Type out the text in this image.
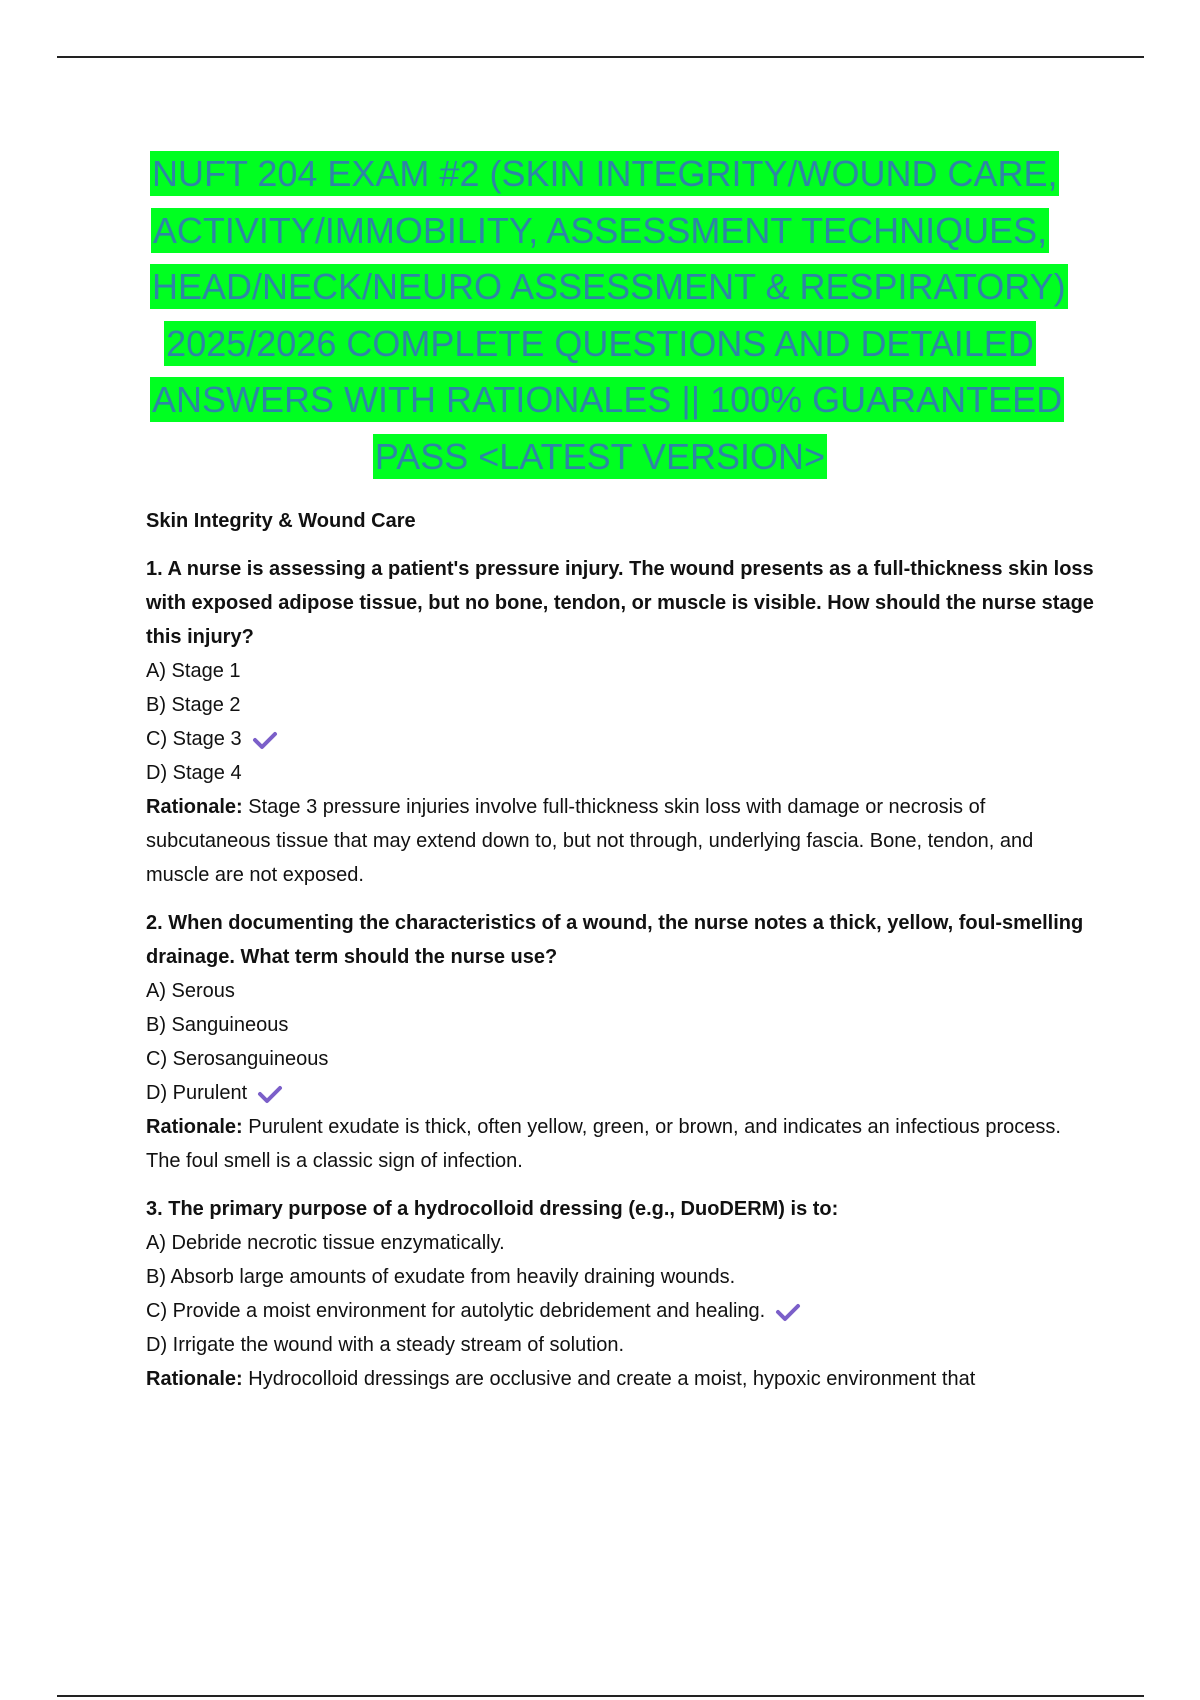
NUFT 204 EXAM #2 (SKIN INTEGRITY/WOUND CARE,
ACTIVITY/IMMOBILITY, ASSESSMENT TECHNIQUES,
HEAD/NECK/NEURO ASSESSMENT & RESPIRATORY)
2025/2026 COMPLETE QUESTIONS AND DETAILED
ANSWERS WITH RATIONALES || 100% GUARANTEED
PASS <LATEST VERSION>
Skin Integrity & Wound Care
1. A nurse is assessing a patient's pressure injury. The wound presents as a full-thickness skin loss with exposed adipose tissue, but no bone, tendon, or muscle is visible. How should the nurse stage this injury?
A) Stage 1
B) Stage 2
C) Stage 3
D) Stage 4
Rationale: Stage 3 pressure injuries involve full-thickness skin loss with damage or necrosis of subcutaneous tissue that may extend down to, but not through, underlying fascia. Bone, tendon, and muscle are not exposed.
2. When documenting the characteristics of a wound, the nurse notes a thick, yellow, foul-smelling drainage. What term should the nurse use?
A) Serous
B) Sanguineous
C) Serosanguineous
D) Purulent
Rationale: Purulent exudate is thick, often yellow, green, or brown, and indicates an infectious process. The foul smell is a classic sign of infection.
3. The primary purpose of a hydrocolloid dressing (e.g., DuoDERM) is to:
A) Debride necrotic tissue enzymatically.
B) Absorb large amounts of exudate from heavily draining wounds.
C) Provide a moist environment for autolytic debridement and healing.
D) Irrigate the wound with a steady stream of solution.
Rationale: Hydrocolloid dressings are occlusive and create a moist, hypoxic environment that
